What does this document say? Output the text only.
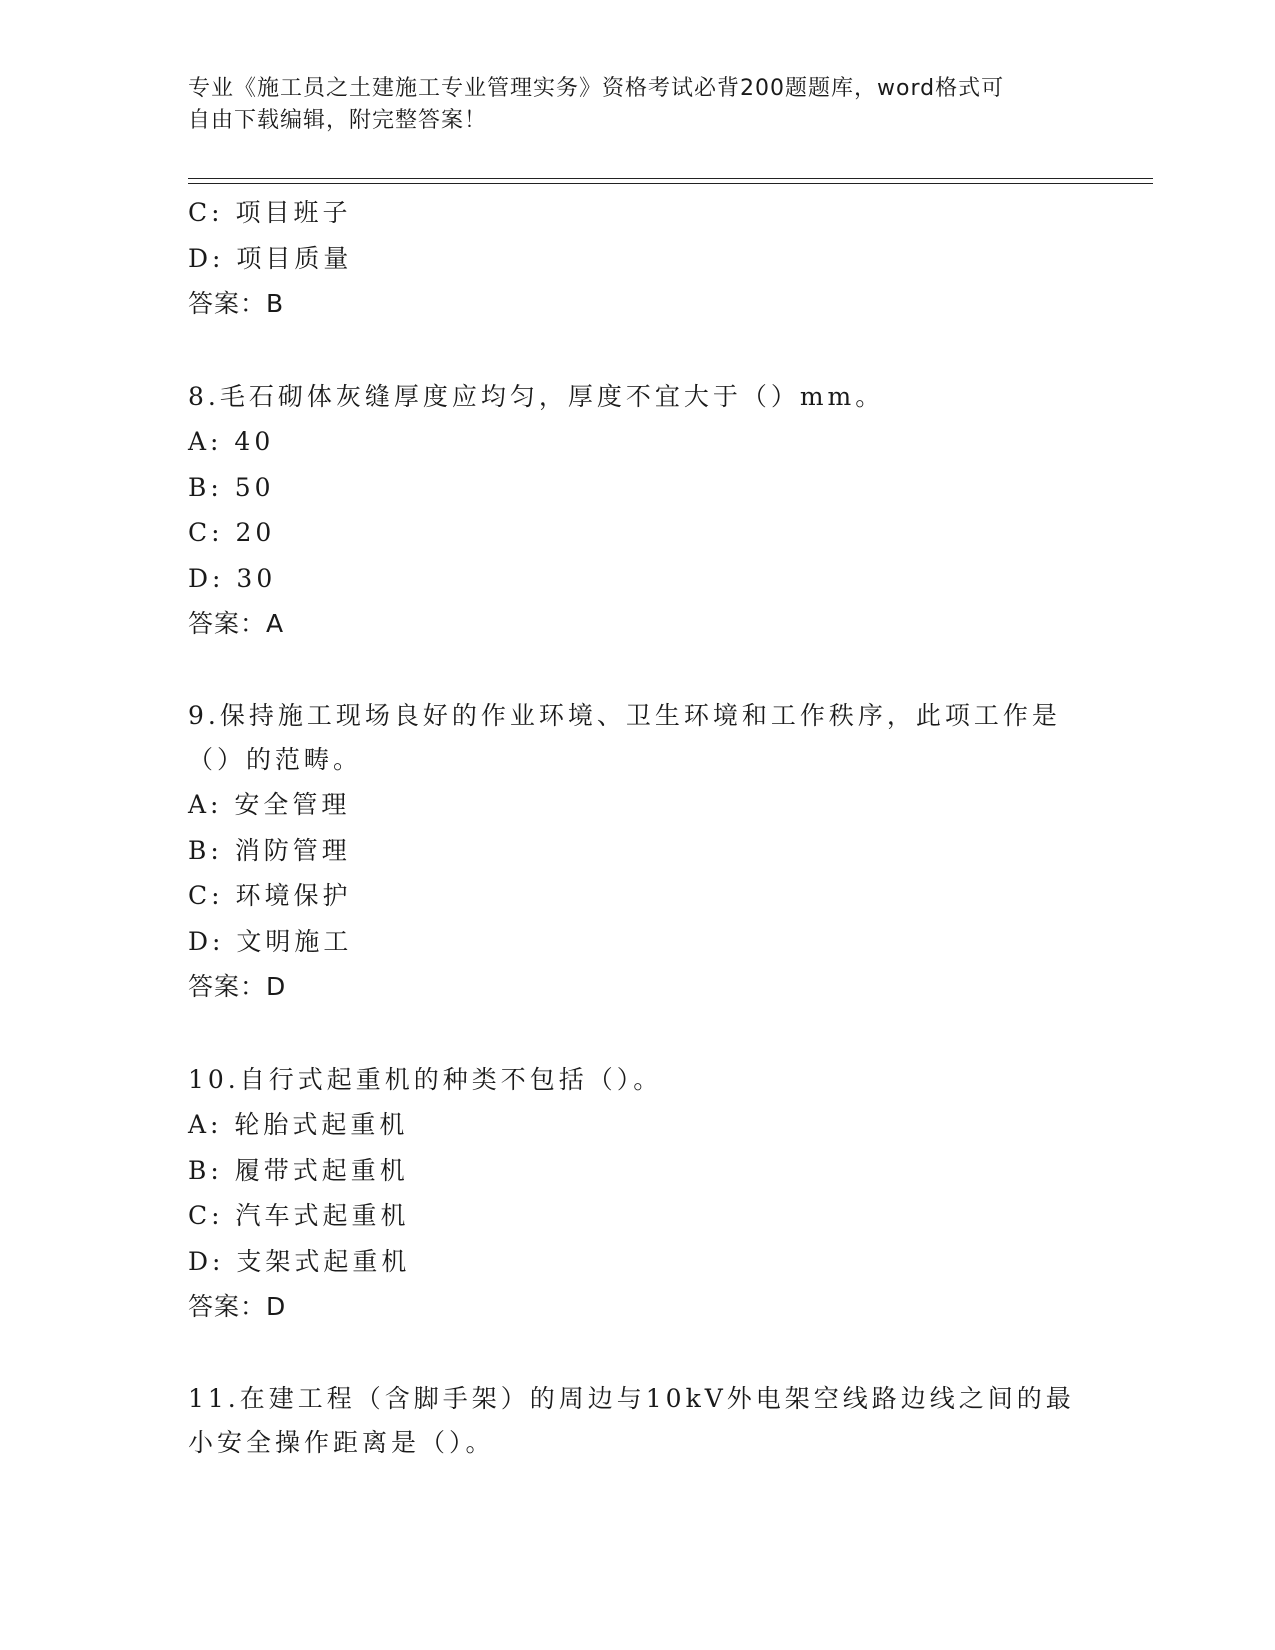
专业《施工员之土建施工专业管理实务》资格考试必背200题题库，word格式可
自由下载编辑，附完整答案！
C: 项目班子
D: 项目质量
答案：B
8.毛石砌体灰缝厚度应均匀，厚度不宜大于（）mm。
A: 40
B: 50
C: 20
D: 30
答案：A
9.保持施工现场良好的作业环境、卫生环境和工作秩序，此项工作是
（）的范畴。
A: 安全管理
B: 消防管理
C: 环境保护
D: 文明施工
答案：D
10.自行式起重机的种类不包括（）。
A: 轮胎式起重机
B: 履带式起重机
C: 汽车式起重机
D: 支架式起重机
答案：D
11.在建工程（含脚手架）的周边与10kV外电架空线路边线之间的最
小安全操作距离是（）。
